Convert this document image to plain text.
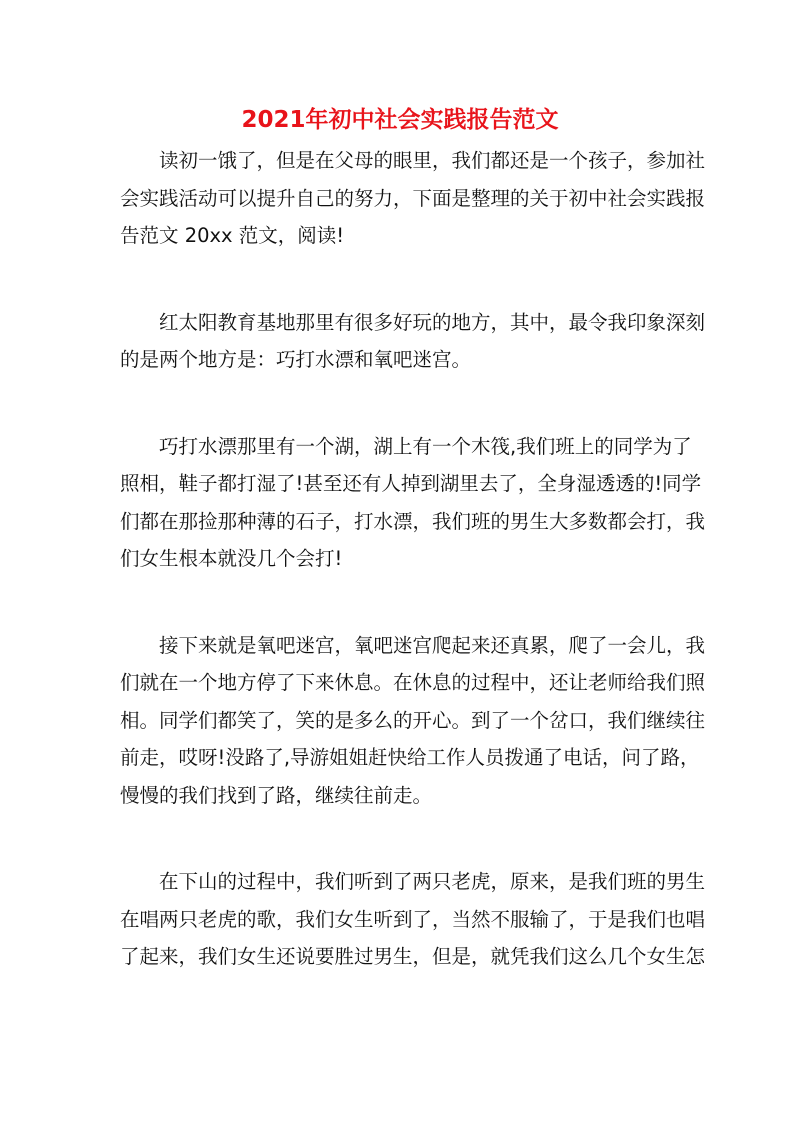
2021年初中社会实践报告范文

　　读初一饿了，但是在父母的眼里，我们都还是一个孩子，参加社
会实践活动可以提升自己的努力，下面是整理的关于初中社会实践报
告范文 20xx 范文，阅读!

　　红太阳教育基地那里有很多好玩的地方，其中，最令我印象深刻
的是两个地方是：巧打水漂和氧吧迷宫。

　　巧打水漂那里有一个湖，湖上有一个木筏,我们班上的同学为了
照相，鞋子都打湿了!甚至还有人掉到湖里去了，全身湿透透的!同学
们都在那捡那种薄的石子，打水漂，我们班的男生大多数都会打，我
们女生根本就没几个会打!

　　接下来就是氧吧迷宫，氧吧迷宫爬起来还真累，爬了一会儿，我
们就在一个地方停了下来休息。在休息的过程中，还让老师给我们照
相。同学们都笑了，笑的是多么的开心。到了一个岔口，我们继续往
前走，哎呀!没路了,导游姐姐赶快给工作人员拨通了电话，问了路，
慢慢的我们找到了路，继续往前走。

　　在下山的过程中，我们听到了两只老虎，原来，是我们班的男生
在唱两只老虎的歌，我们女生听到了，当然不服输了，于是我们也唱
了起来，我们女生还说要胜过男生，但是，就凭我们这么几个女生怎
